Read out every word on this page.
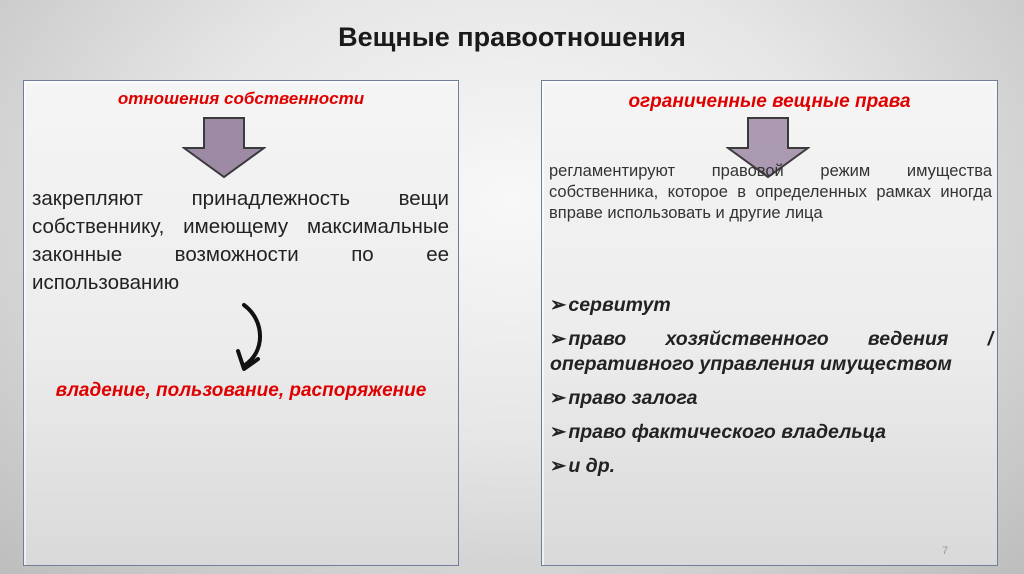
Вещные правоотношения
отношения собственности
закрепляют принадлежность вещи собственнику, имеющему максимальные законные возможности по ее использованию
владение, пользование, распоряжение
ограниченные вещные права
регламентируют правовой режим имущества собственника, которое в определенных рамках иногда вправе использовать и другие лица
➢ сервитут
➢ право хозяйственного ведения /оперативного управления имуществом
➢ право залога
➢ право фактического владельца
➢ и др.
7
